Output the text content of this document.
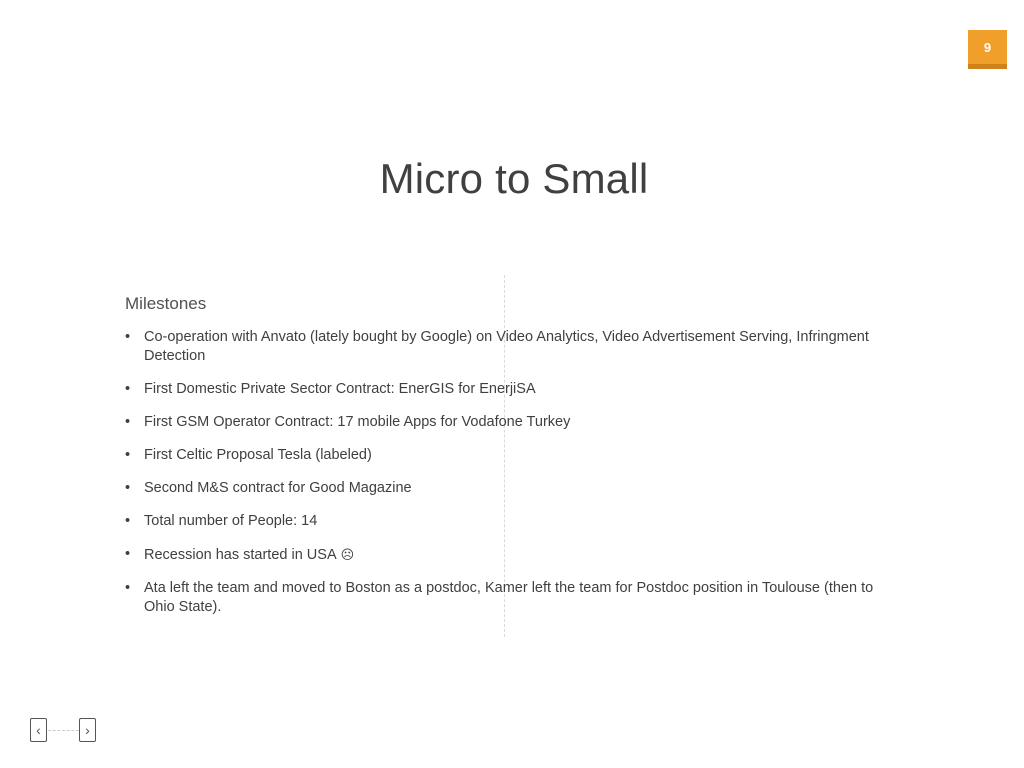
9
Micro to Small
Milestones
• Co-operation with Anvato (lately bought by Google) on Video Analytics, Video Advertisement Serving, Infringment Detection
• First Domestic Private Sector Contract: EnerGIS for EnerjiSA
• First GSM Operator Contract: 17 mobile Apps for Vodafone Turkey
• First Celtic Proposal Tesla (labeled)
• Second M&S contract for Good Magazine
• Total number of People: 14
• Recession has started in USA ☹
• Ata left the team and moved to Boston as a postdoc, Kamer left the team for Postdoc position in Toulouse (then to Ohio State).
‹	›
